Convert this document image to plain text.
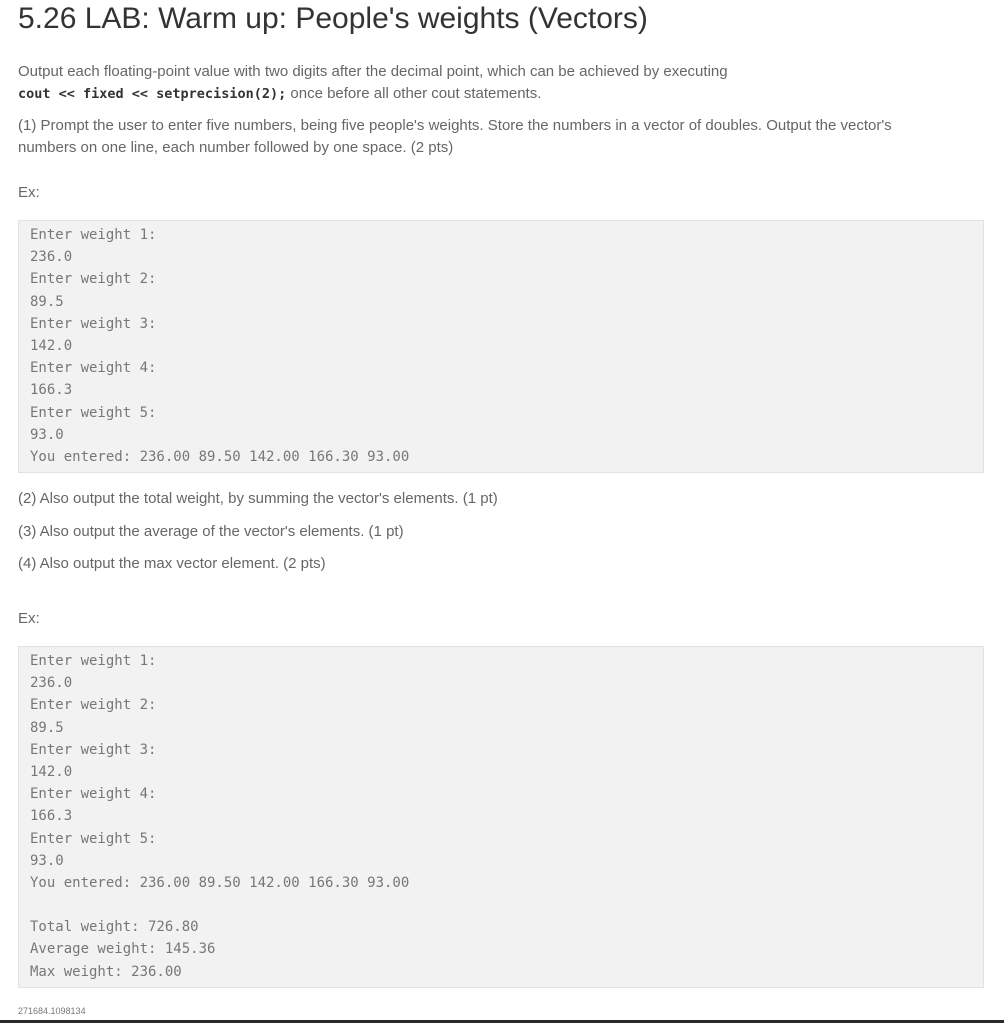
5.26 LAB: Warm up: People's weights (Vectors)

Output each floating-point value with two digits after the decimal point, which can be achieved by executing
cout << fixed << setprecision(2); once before all other cout statements.

(1) Prompt the user to enter five numbers, being five people's weights. Store the numbers in a vector of doubles. Output the vector's numbers on one line, each number followed by one space. (2 pts)

Ex:
Enter weight 1:
236.0
Enter weight 2:
89.5
Enter weight 3:
142.0
Enter weight 4:
166.3
Enter weight 5:
93.0
You entered: 236.00 89.50 142.00 166.30 93.00

(2) Also output the total weight, by summing the vector's elements. (1 pt)

(3) Also output the average of the vector's elements. (1 pt)

(4) Also output the max vector element. (2 pts)

Ex:
Enter weight 1:
236.0
Enter weight 2:
89.5
Enter weight 3:
142.0
Enter weight 4:
166.3
Enter weight 5:
93.0
You entered: 236.00 89.50 142.00 166.30 93.00
Total weight: 726.80
Average weight: 145.36
Max weight: 236.00
271684.1098134
